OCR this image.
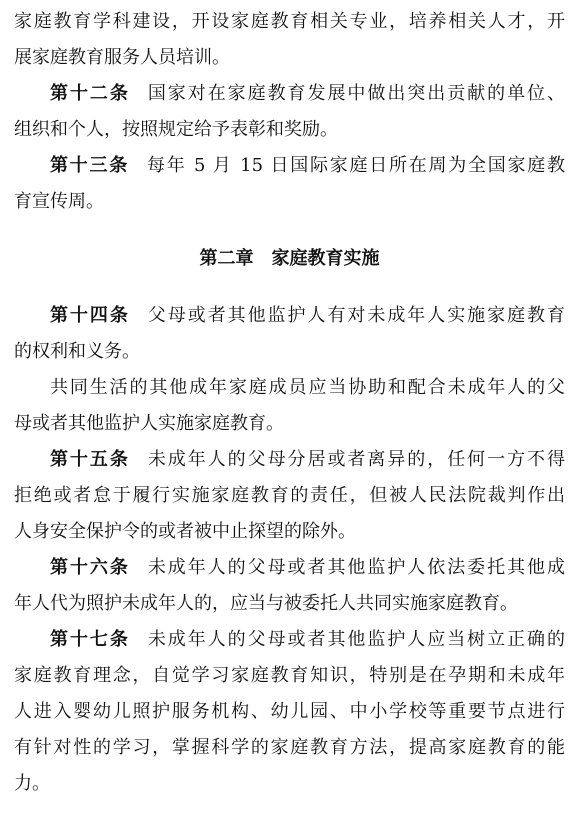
家庭教育学科建设，开设家庭教育相关专业，培养相关人才，开
展家庭教育服务人员培训。
第十二条 国家对在家庭教育发展中做出突出贡献的单位、
组织和个人，按照规定给予表彰和奖励。
第十三条 每年 5 月 15 日国际家庭日所在周为全国家庭教
育宣传周。
第二章 家庭教育实施
第十四条 父母或者其他监护人有对未成年人实施家庭教育
的权利和义务。
共同生活的其他成年家庭成员应当协助和配合未成年人的父
母或者其他监护人实施家庭教育。
第十五条 未成年人的父母分居或者离异的，任何一方不得
拒绝或者怠于履行实施家庭教育的责任，但被人民法院裁判作出
人身安全保护令的或者被中止探望的除外。
第十六条 未成年人的父母或者其他监护人依法委托其他成
年人代为照护未成年人的，应当与被委托人共同实施家庭教育。
第十七条 未成年人的父母或者其他监护人应当树立正确的
家庭教育理念，自觉学习家庭教育知识，特别是在孕期和未成年
人进入婴幼儿照护服务机构、幼儿园、中小学校等重要节点进行
有针对性的学习，掌握科学的家庭教育方法，提高家庭教育的能
力。
